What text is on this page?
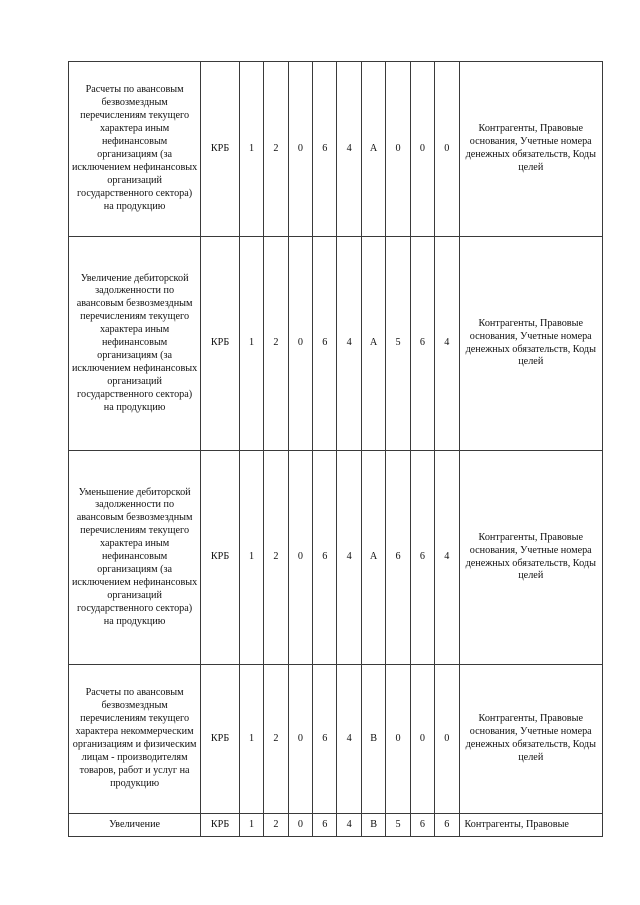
Расчеты по авансовым безвозмездным перечислениям текущего характера иным нефинансовым организациям (за исключением нефинансовых организаций государственного сектора) на продукцию	КРБ	1	2	0	6	4	А	0	0	0	Контрагенты, Правовые основания, Учетные номера денежных обязательств, Коды целей
Увеличение дебиторской задолженности по авансовым безвозмездным перечислениям текущего характера иным нефинансовым организациям (за исключением нефинансовых организаций государственного сектора) на продукцию	КРБ	1	2	0	6	4	А	5	6	4	Контрагенты, Правовые основания, Учетные номера денежных обязательств, Коды целей
Уменьшение дебиторской задолженности по авансовым безвозмездным перечислениям текущего характера иным нефинансовым организациям (за исключением нефинансовых организаций государственного сектора) на продукцию	КРБ	1	2	0	6	4	А	6	6	4	Контрагенты, Правовые основания, Учетные номера денежных обязательств, Коды целей
Расчеты по авансовым безвозмездным перечислениям текущего характера некоммерческим организациям и физическим лицам - производителям товаров, работ и услуг на продукцию	КРБ	1	2	0	6	4	В	0	0	0	Контрагенты, Правовые основания, Учетные номера денежных обязательств, Коды целей
Увеличение	КРБ	1	2	0	6	4	В	5	6	6	Контрагенты, Правовые
